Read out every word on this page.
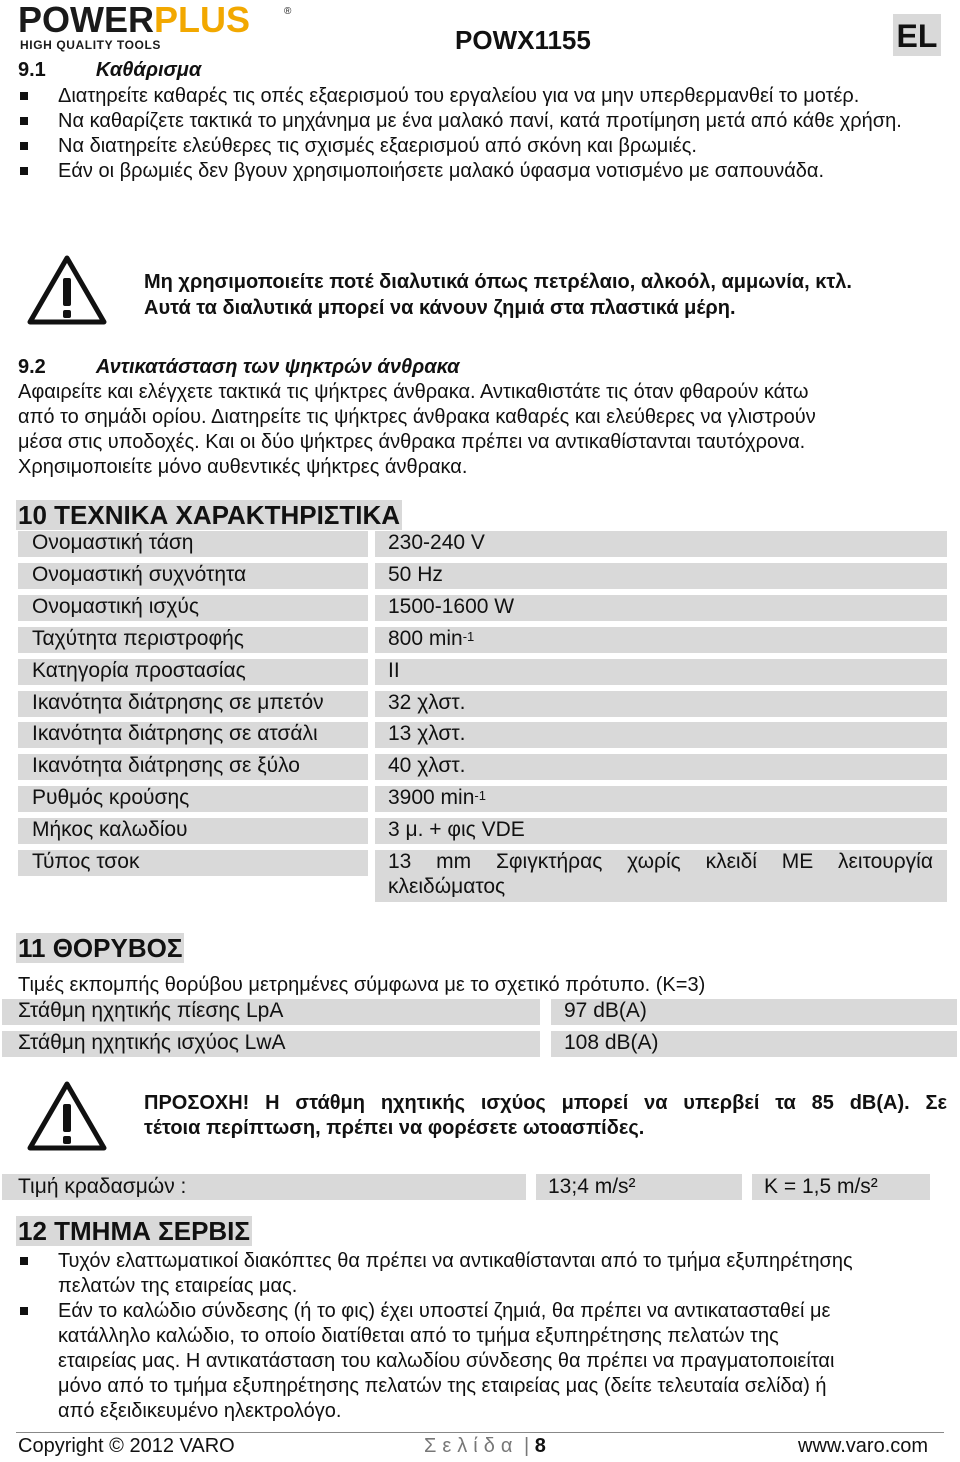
POWERPLUS	®
HIGH QUALITY TOOLS	POWX1155	EL
9.1	Καθάρισμα
Διατηρείτε καθαρές τις οπές εξαερισμού του εργαλείου για να μην υπερθερμανθεί το μοτέρ.
Να καθαρίζετε τακτικά το μηχάνημα με ένα μαλακό πανί, κατά προτίμηση μετά από κάθε χρήση.
Να διατηρείτε ελεύθερες τις σχισμές εξαερισμού από σκόνη και βρωμιές.
Εάν οι βρωμιές δεν βγουν χρησιμοποιήσετε μαλακό ύφασμα νοτισμένο με σαπουνάδα.
Μη χρησιμοποιείτε ποτέ διαλυτικά όπως πετρέλαιο, αλκοόλ, αμμωνία, κτλ.
Αυτά τα διαλυτικά μπορεί να κάνουν ζημιά στα πλαστικά μέρη.
9.2	Αντικατάσταση των ψηκτρών άνθρακα
Αφαιρείτε και ελέγχετε τακτικά τις ψήκτρες άνθρακα. Αντικαθιστάτε τις όταν φθαρούν κάτω
από το σημάδι ορίου. Διατηρείτε τις ψήκτρες άνθρακα καθαρές και ελεύθερες να γλιστρούν
μέσα στις υποδοχές. Και οι δύο ψήκτρες άνθρακα πρέπει να αντικαθίστανται ταυτόχρονα.
Χρησιμοποιείτε μόνο αυθεντικές ψήκτρες άνθρακα.
10 ΤΕΧΝΙΚΑ ΧΑΡΑΚΤΗΡΙΣΤΙΚΑ
Ονομαστική τάση	230-240 V
Ονομαστική συχνότητα	50 Hz
Ονομαστική ισχύς	1500-1600 W
Ταχύτητα περιστροφής	800 $\min^{-1}$
Κατηγορία προστασίας	II
Ικανότητα διάτρησης σε μπετόν	32 χλστ.
Ικανότητα διάτρησης σε ατσάλι	13 χλστ.
Ικανότητα διάτρησης σε ξύλο	40 χλστ.
Ρυθμός κρούσης	3900 $\min^{-1}$
Μήκος καλωδίου	3 μ. + φις VDE
Τύπος τσοκ	13 mm Σφιγκτήρας χωρίς κλειδί ΜΕ λειτουργία
κλειδώματος
11 ΘΟΡΥΒΟΣ
Τιμές εκπομπής θορύβου μετρημένες σύμφωνα με το σχετικό πρότυπο. (K=3)
Στάθμη ηχητικής πίεσης LpA	97 dB(A)
Στάθμη ηχητικής ισχύος LwA	108 dB(A)
ΠΡΟΣΟΧΗ! Η στάθμη ηχητικής ισχύος μπορεί να υπερβεί τα 85 dB(A). Σε
τέτοια περίπτωση, πρέπει να φορέσετε ωτοασπίδες.
Τιμή κραδασμών :	13;4 m/s²	K = 1,5 m/s²
12 ΤΜΗΜΑ ΣΕΡΒΙΣ
Τυχόν ελαττωματικοί διακόπτες θα πρέπει να αντικαθίστανται από το τμήμα εξυπηρέτησης
πελατών της εταιρείας μας.
Εάν το καλώδιο σύνδεσης (ή το φις) έχει υποστεί ζημιά, θα πρέπει να αντικατασταθεί με
κατάλληλο καλώδιο, το οποίο διατίθεται από το τμήμα εξυπηρέτησης πελατών της
εταιρείας μας. Η αντικατάσταση του καλωδίου σύνδεσης θα πρέπει να πραγματοποιείται
μόνο από το τμήμα εξυπηρέτησης πελατών της εταιρείας μας (δείτε τελευταία σελίδα) ή
από εξειδικευμένο ηλεκτρολόγο.
Copyright © 2012 VARO	Σελίδα | 8	www.varo.com
